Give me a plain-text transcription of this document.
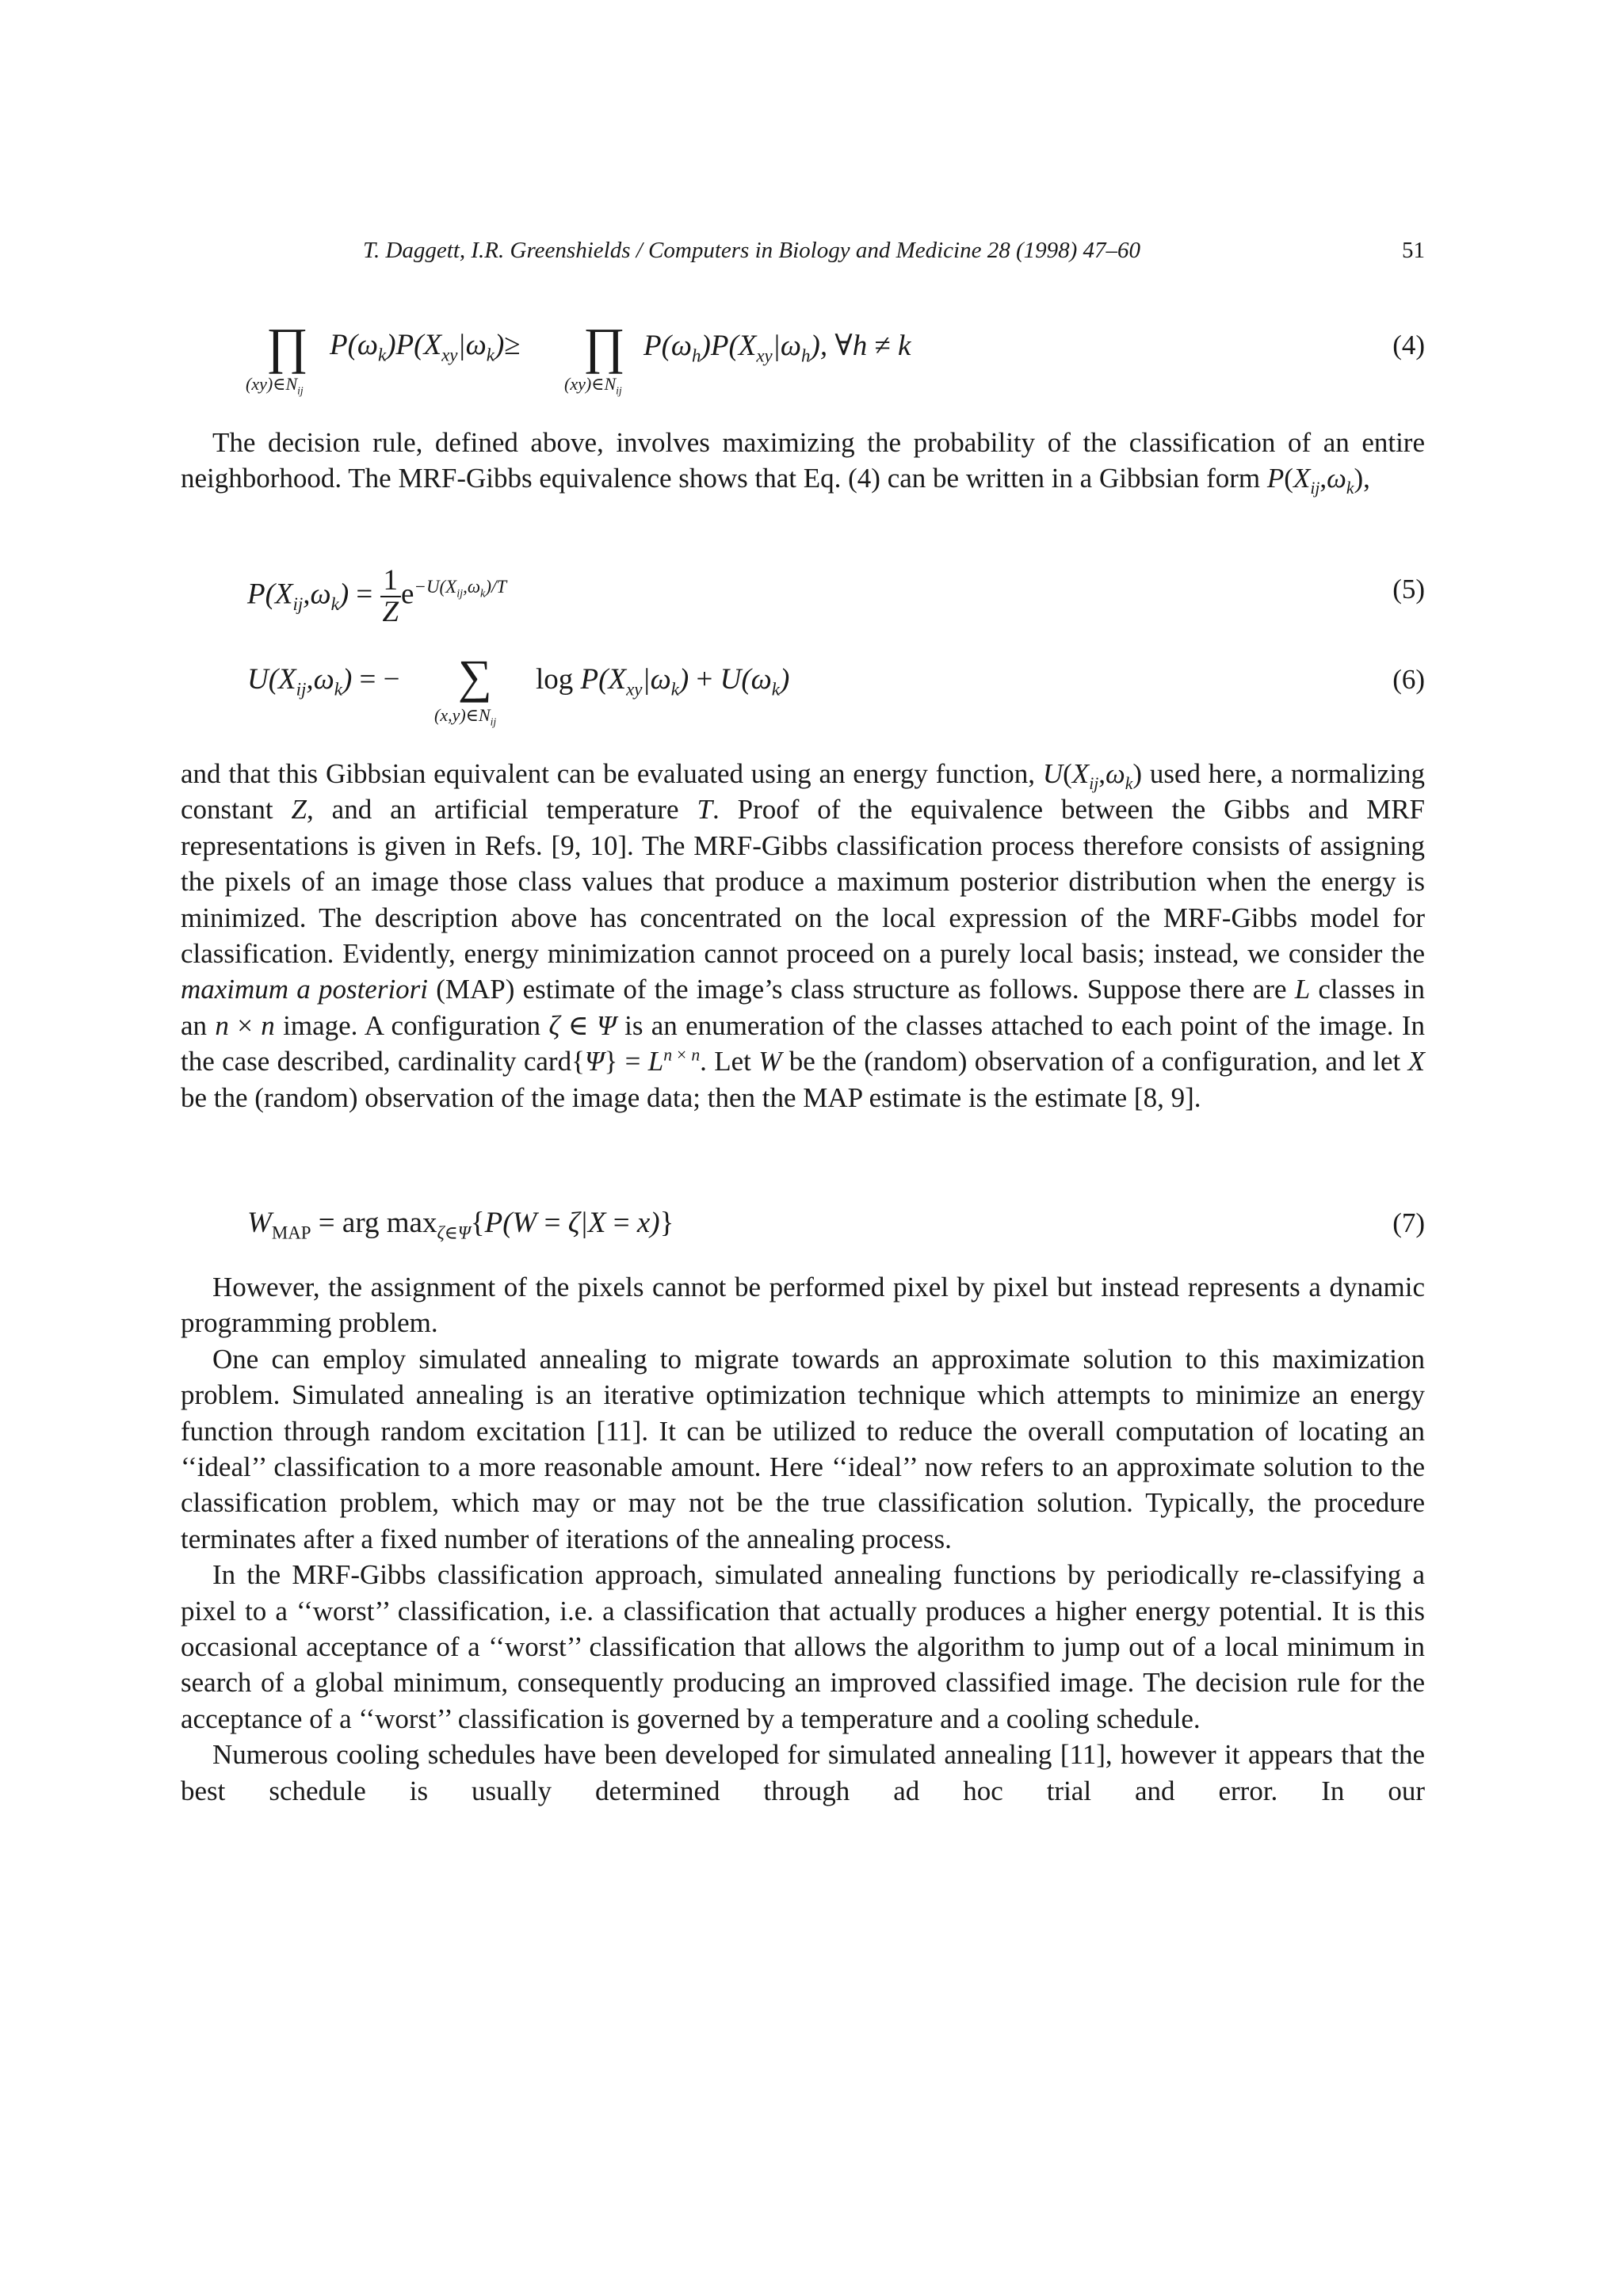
T. Daggett, I.R. Greenshields / Computers in Biology and Medicine 28 (1998) 47–60	51
∏
$(xy)\in N_{ij}$
$P(\omega_k)P(X_{xy}|\omega_k)\ge$ ∏
$(xy)\in N_{ij}$
$P(\omega_h)P(X_{xy}|\omega_h)$, ∀h ≠ k	(4)

The decision rule, defined above, involves maximizing the probability of the classification of an entire neighborhood. The MRF-Gibbs equivalence shows that Eq. (4) can be written in a Gibbsian form $P(X_{ij},\omega_k)$,

$P(X_{ij},\omega_k) = \frac{1}{Z} e^{-U(X_{ij},\omega_k)/T}$	(5)
$U(X_{ij},\omega_k)$ = − ∑
$(x,y)\in N_{ij}$
$\log P(X_{xy}|\omega_k) + U(\omega_k)$	(6)

and that this Gibbsian equivalent can be evaluated using an energy function, $U(X_{ij},\omega_k)$ used here, a normalizing constant Z, and an artificial temperature T. Proof of the equivalence between the Gibbs and MRF representations is given in Refs. [9, 10]. The MRF-Gibbs classification process therefore consists of assigning the pixels of an image those class values that produce a maximum posterior distribution when the energy is minimized. The description above has concentrated on the local expression of the MRF-Gibbs model for classification. Evidently, energy minimization cannot proceed on a purely local basis; instead, we consider the maximum a posteriori (MAP) estimate of the image’s class structure as follows. Suppose there are L classes in an n × n image. A configuration ζ ∈ Ψ is an enumeration of the classes attached to each point of the image. In the case described, cardinality card{Ψ} = $L^{n \times n}$. Let W be the (random) observation of a configuration, and let X be the (random) observation of the image data; then the MAP estimate is the estimate [8, 9].

$W_{MAP}$ = arg $\max_{\zeta\in\Psi}\{P(W = \zeta|X = x)\}$	(7)

However, the assignment of the pixels cannot be performed pixel by pixel but instead represents a dynamic programming problem.

One can employ simulated annealing to migrate towards an approximate solution to this maximization problem. Simulated annealing is an iterative optimization technique which attempts to minimize an energy function through random excitation [11]. It can be utilized to reduce the overall computation of locating an ‘‘ideal’’ classification to a more reasonable amount. Here ‘‘ideal’’ now refers to an approximate solution to the classification problem, which may or may not be the true classification solution. Typically, the procedure terminates after a fixed number of iterations of the annealing process.

In the MRF-Gibbs classification approach, simulated annealing functions by periodically re-classifying a pixel to a ‘‘worst’’ classification, i.e. a classification that actually produces a higher energy potential. It is this occasional acceptance of a ‘‘worst’’ classification that allows the algorithm to jump out of a local minimum in search of a global minimum, consequently producing an improved classified image. The decision rule for the acceptance of a ‘‘worst’’ classification is governed by a temperature and a cooling schedule.

Numerous cooling schedules have been developed for simulated annealing [11], however it appears that the best schedule is usually determined through ad hoc trial and error. In our
